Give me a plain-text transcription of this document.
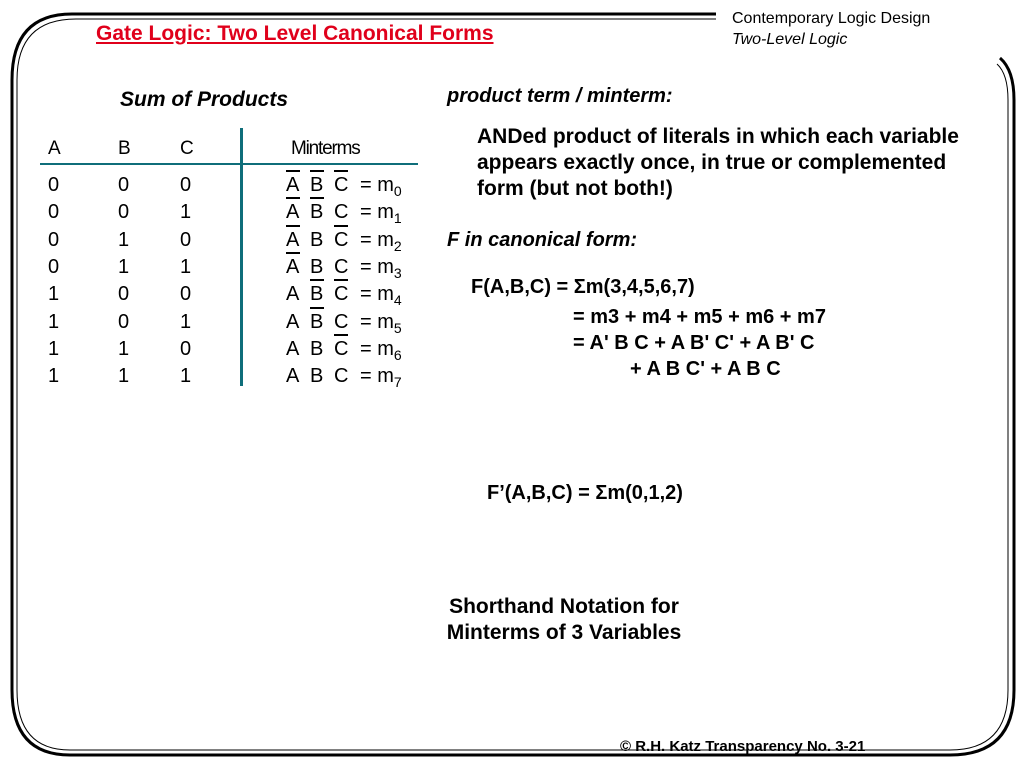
Gate Logic: Two Level Canonical Forms
Contemporary Logic Design
Two-Level Logic
Sum of Products
A	B	C	Minterms
0	0	0	A B $C = m_0$
0	0	1	A B $C = m_1$
0	1	0	A B $C = m_2$
0	1	1	A B $C = m_3$
1	0	0	A B $C = m_4$
1	0	1	A B $C = m_5$
1	1	0	A B $C = m_6$
1	1	1	A B $C = m_7$
product term / minterm:
ANDed product of literals in which each variable appears exactly once, in true or complemented form (but not both!)
F in canonical form:
F(A,B,C) = Σm(3,4,5,6,7)
= m3 + m4 + m5 + m6 + m7
= A' B C + A B' C' + A B' C
+ A B C' + A B C
F’(A,B,C) = Σm(0,1,2)
Shorthand Notation for
Minterms of 3 Variables
© R.H. Katz Transparency No. 3-21
